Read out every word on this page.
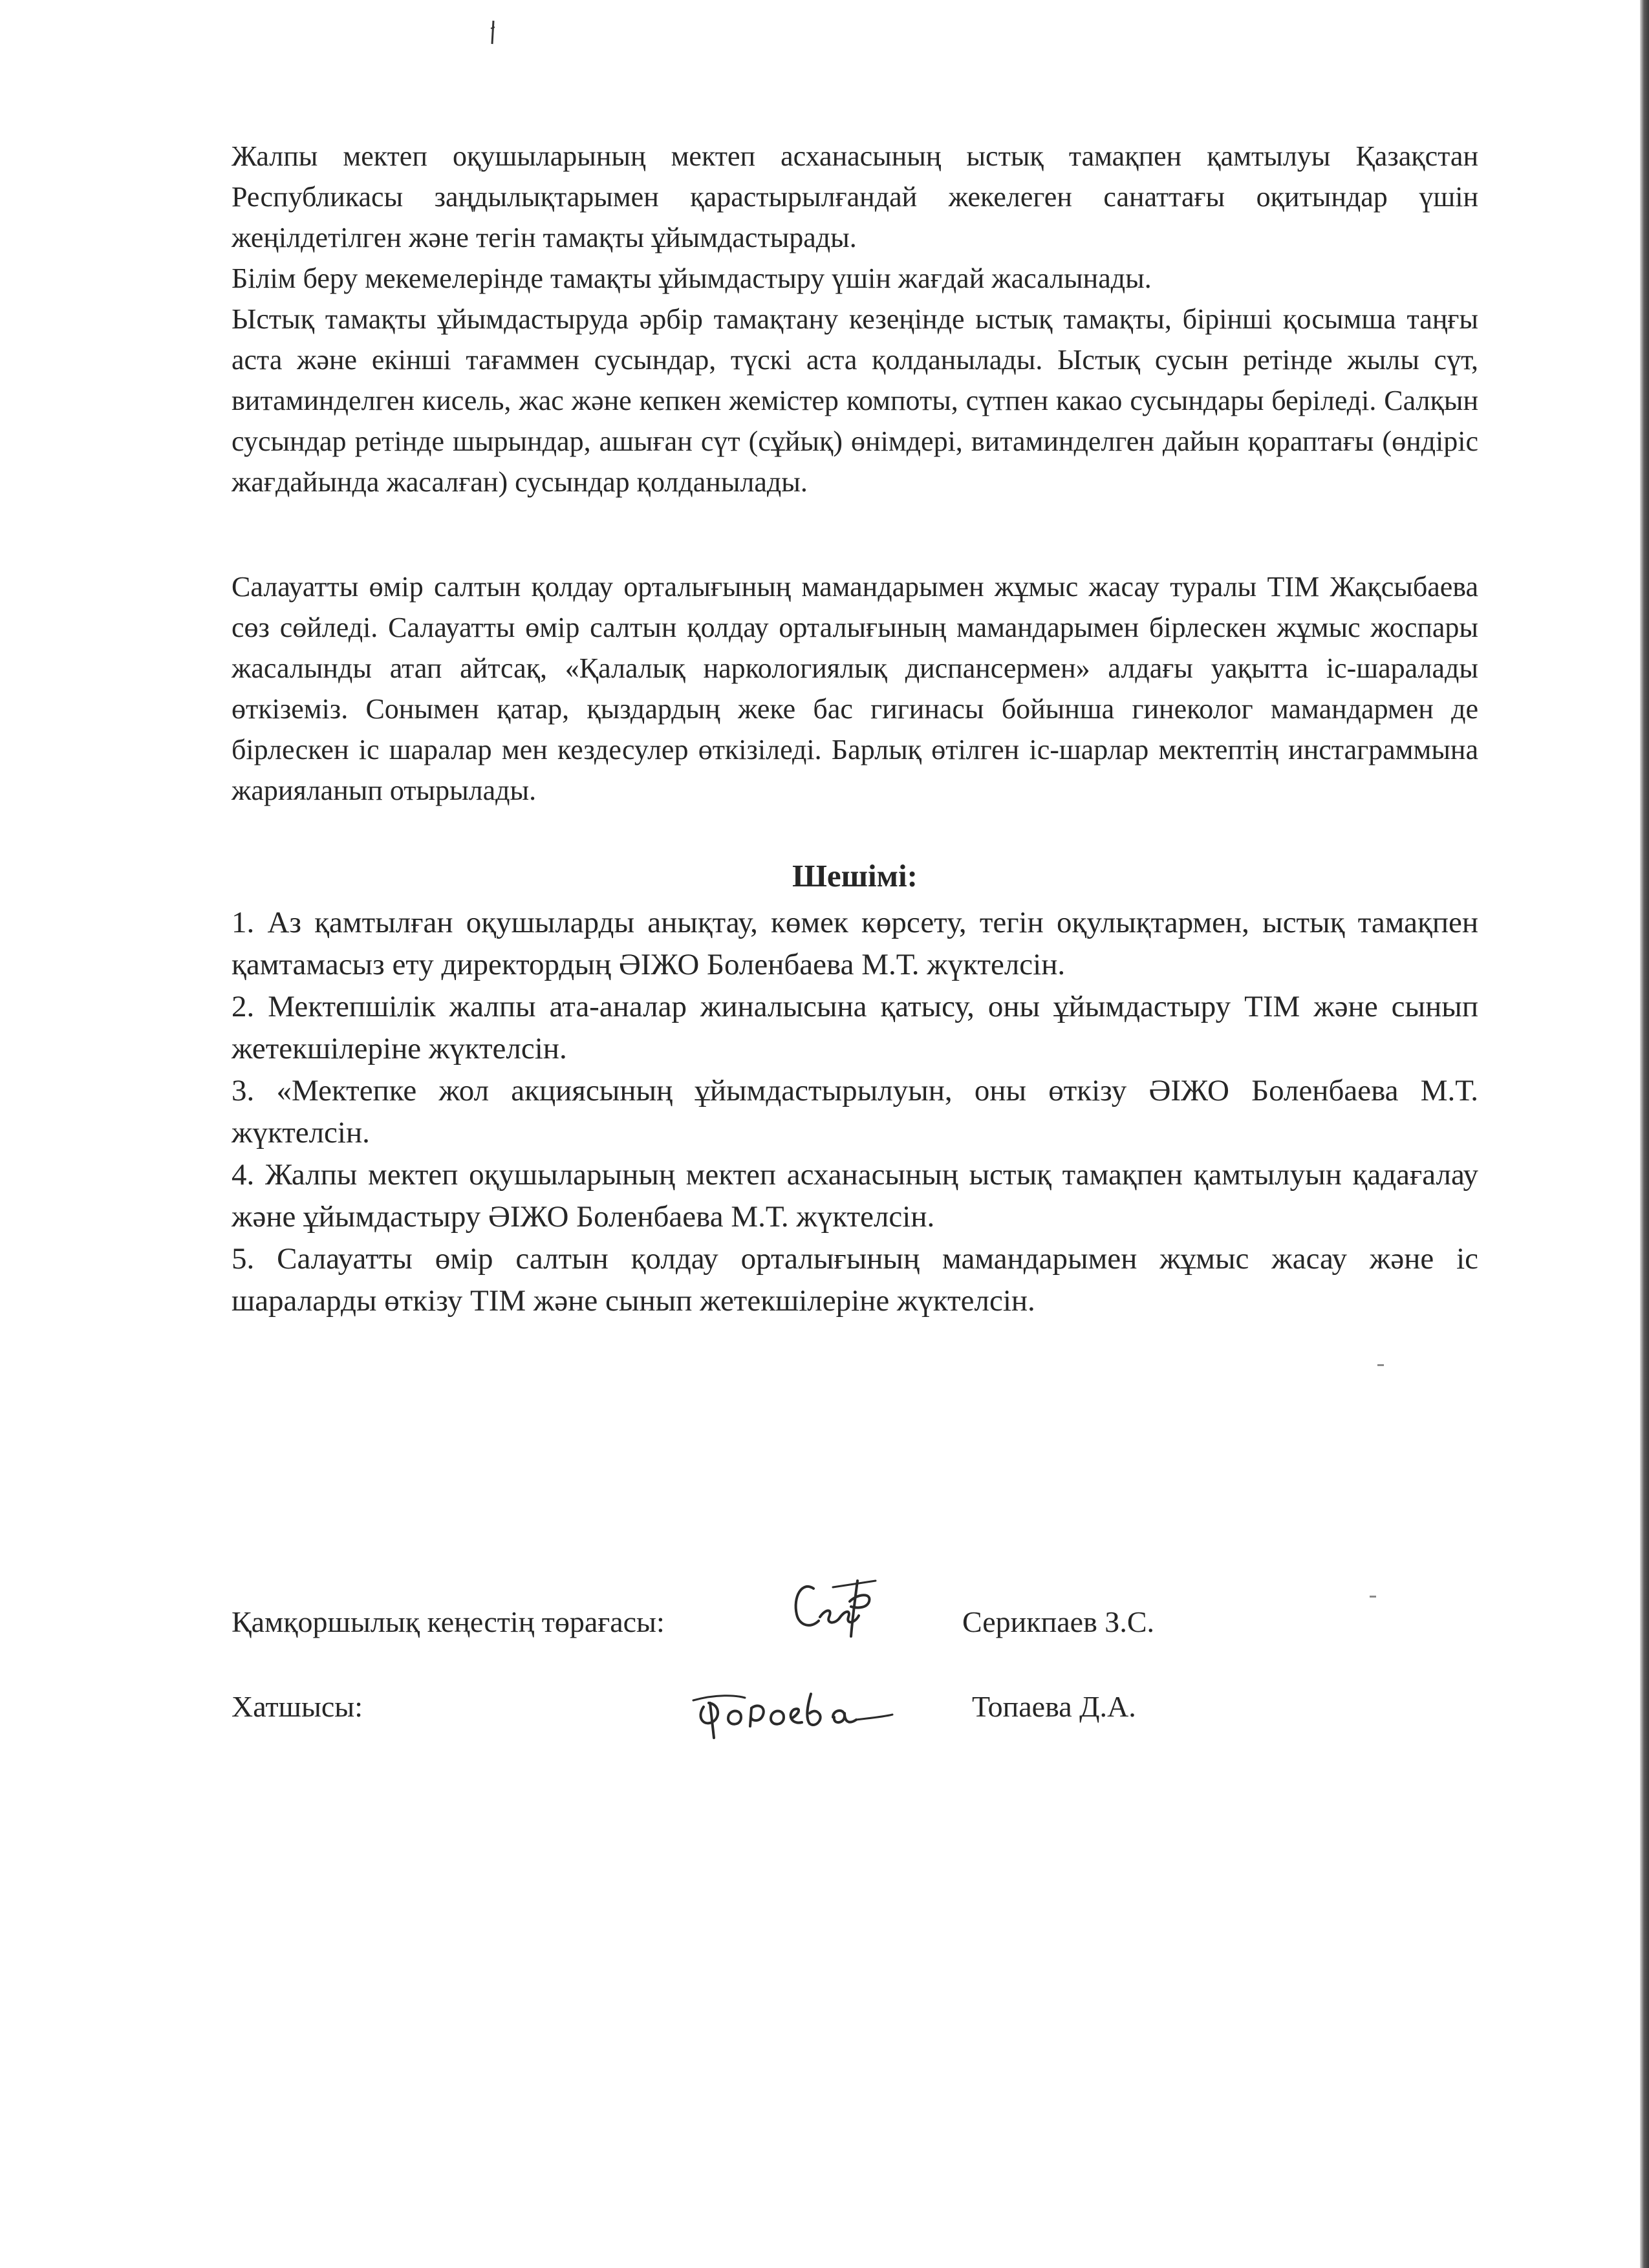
Жалпы мектеп оқушыларының мектеп асханасының ыстық тамақпен қамтылуы Қазақстан Республикасы заңдылықтарымен қарастырылғандай жекелеген санаттағы оқитындар үшін жеңілдетілген және тегін тамақты ұйымдастырады.

Білім беру мекемелерінде тамақты ұйымдастыру үшін жағдай жасалынады.

Ыстық тамақты ұйымдастыруда әрбір тамақтану кезеңінде ыстық тамақты, бірінші қосымша таңғы аста және екінші тағаммен сусындар, түскі аста қолданылады. Ыстық сусын ретінде жылы сүт, витаминделген кисель, жас және кепкен жемістер компоты, сүтпен какао сусындары беріледі. Салқын сусындар ретінде шырындар, ашыған сүт (сұйық) өнімдері, витаминделген дайын қораптағы (өндіріс жағдайында жасалған) сусындар қолданылады.

Салауатты өмір салтын қолдау орталығының мамандарымен жұмыс жасау туралы ТІМ Жақсыбаева сөз сөйледі. Салауатты өмір салтын қолдау орталығының мамандарымен бірлескен жұмыс жоспары жасалынды атап айтсақ, «Қалалық наркологиялық диспансермен» алдағы уақытта іс-шаралады өткіземіз. Сонымен қатар, қыздардың жеке бас гигинасы бойынша гинеколог мамандармен де бірлескен іс шаралар мен кездесулер өткізіледі. Барлық өтілген іс-шарлар мектептің инстаграммына жарияланып отырылады.

Шешімі:
1. Аз қамтылған оқушыларды анықтау, көмек көрсету, тегін оқулықтармен, ыстық тамақпен қамтамасыз ету директордың ӘІЖО Боленбаева М.Т. жүктелсін.
2. Мектепшілік жалпы ата-аналар жиналысына қатысу, оны ұйымдастыру ТІМ және сынып жетекшілеріне жүктелсін.
3. «Мектепке жол акциясының ұйымдастырылуын, оны өткізу ӘІЖО Боленбаева М.Т. жүктелсін.
4. Жалпы мектеп оқушыларының мектеп асханасының ыстық тамақпен қамтылуын қадағалау және ұйымдастыру ӘІЖО Боленбаева М.Т. жүктелсін.
5. Салауатты өмір салтын қолдау орталығының мамандарымен жұмыс жасау және іс шараларды өткізу ТІМ және сынып жетекшілеріне жүктелсін.
Қамқоршылық кеңестің төрағасы:	Серикпаев З.С.
Хатшысы:	Топаева Д.А.
